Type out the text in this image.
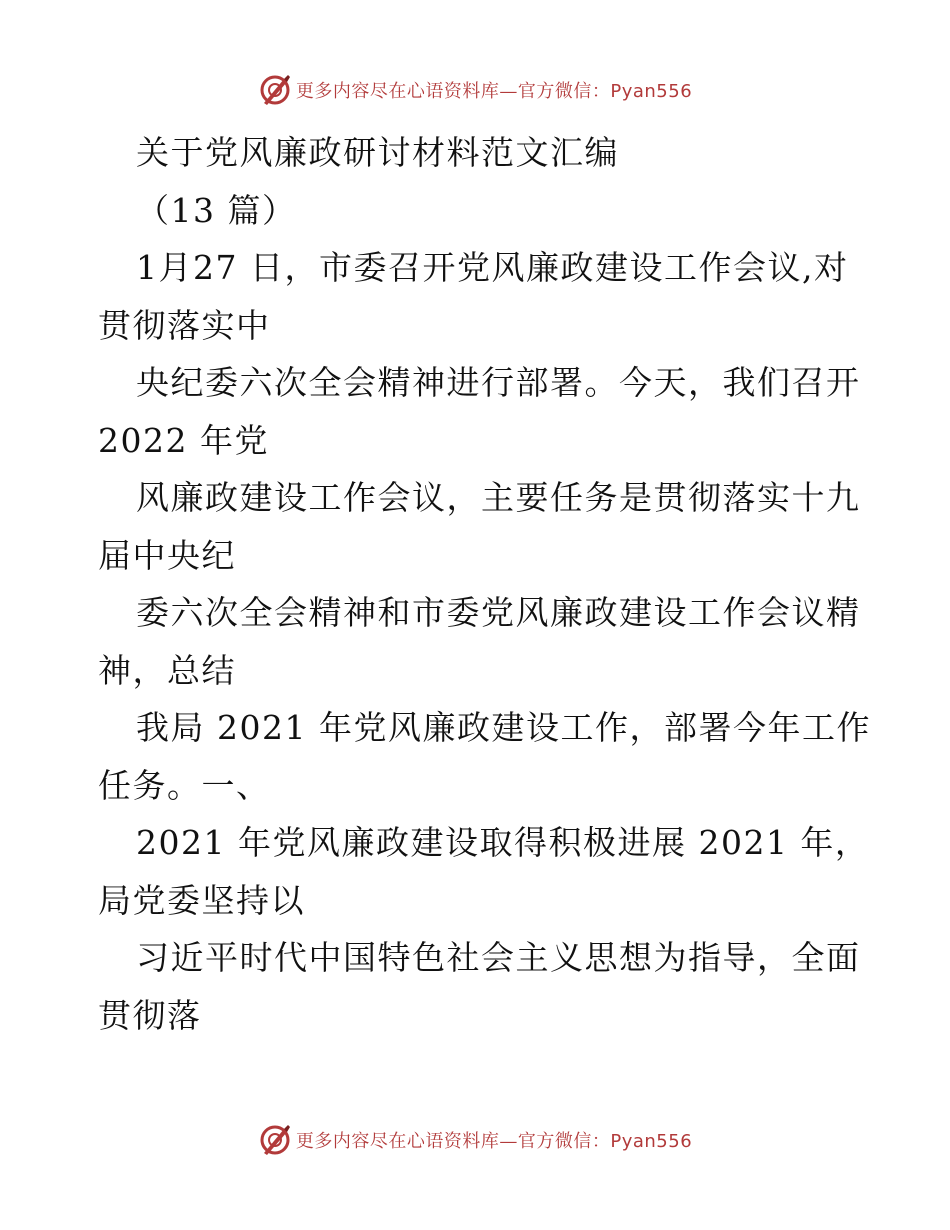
更多内容尽在心语资料库—官方微信：Pyan556
关于党风廉政研讨材料范文汇编
（13 篇）
1月27 日，市委召开党风廉政建设工作会议,对
贯彻落实中
央纪委六次全会精神进行部署。今天，我们召开
2022 年党
风廉政建设工作会议，主要任务是贯彻落实十九
届中央纪
委六次全会精神和市委党风廉政建设工作会议精
神，总结
我局 2021 年党风廉政建设工作，部署今年工作
任务。一、
2021 年党风廉政建设取得积极进展 2021 年，
局党委坚持以
习近平时代中国特色社会主义思想为指导，全面
贯彻落
更多内容尽在心语资料库—官方微信：Pyan556
